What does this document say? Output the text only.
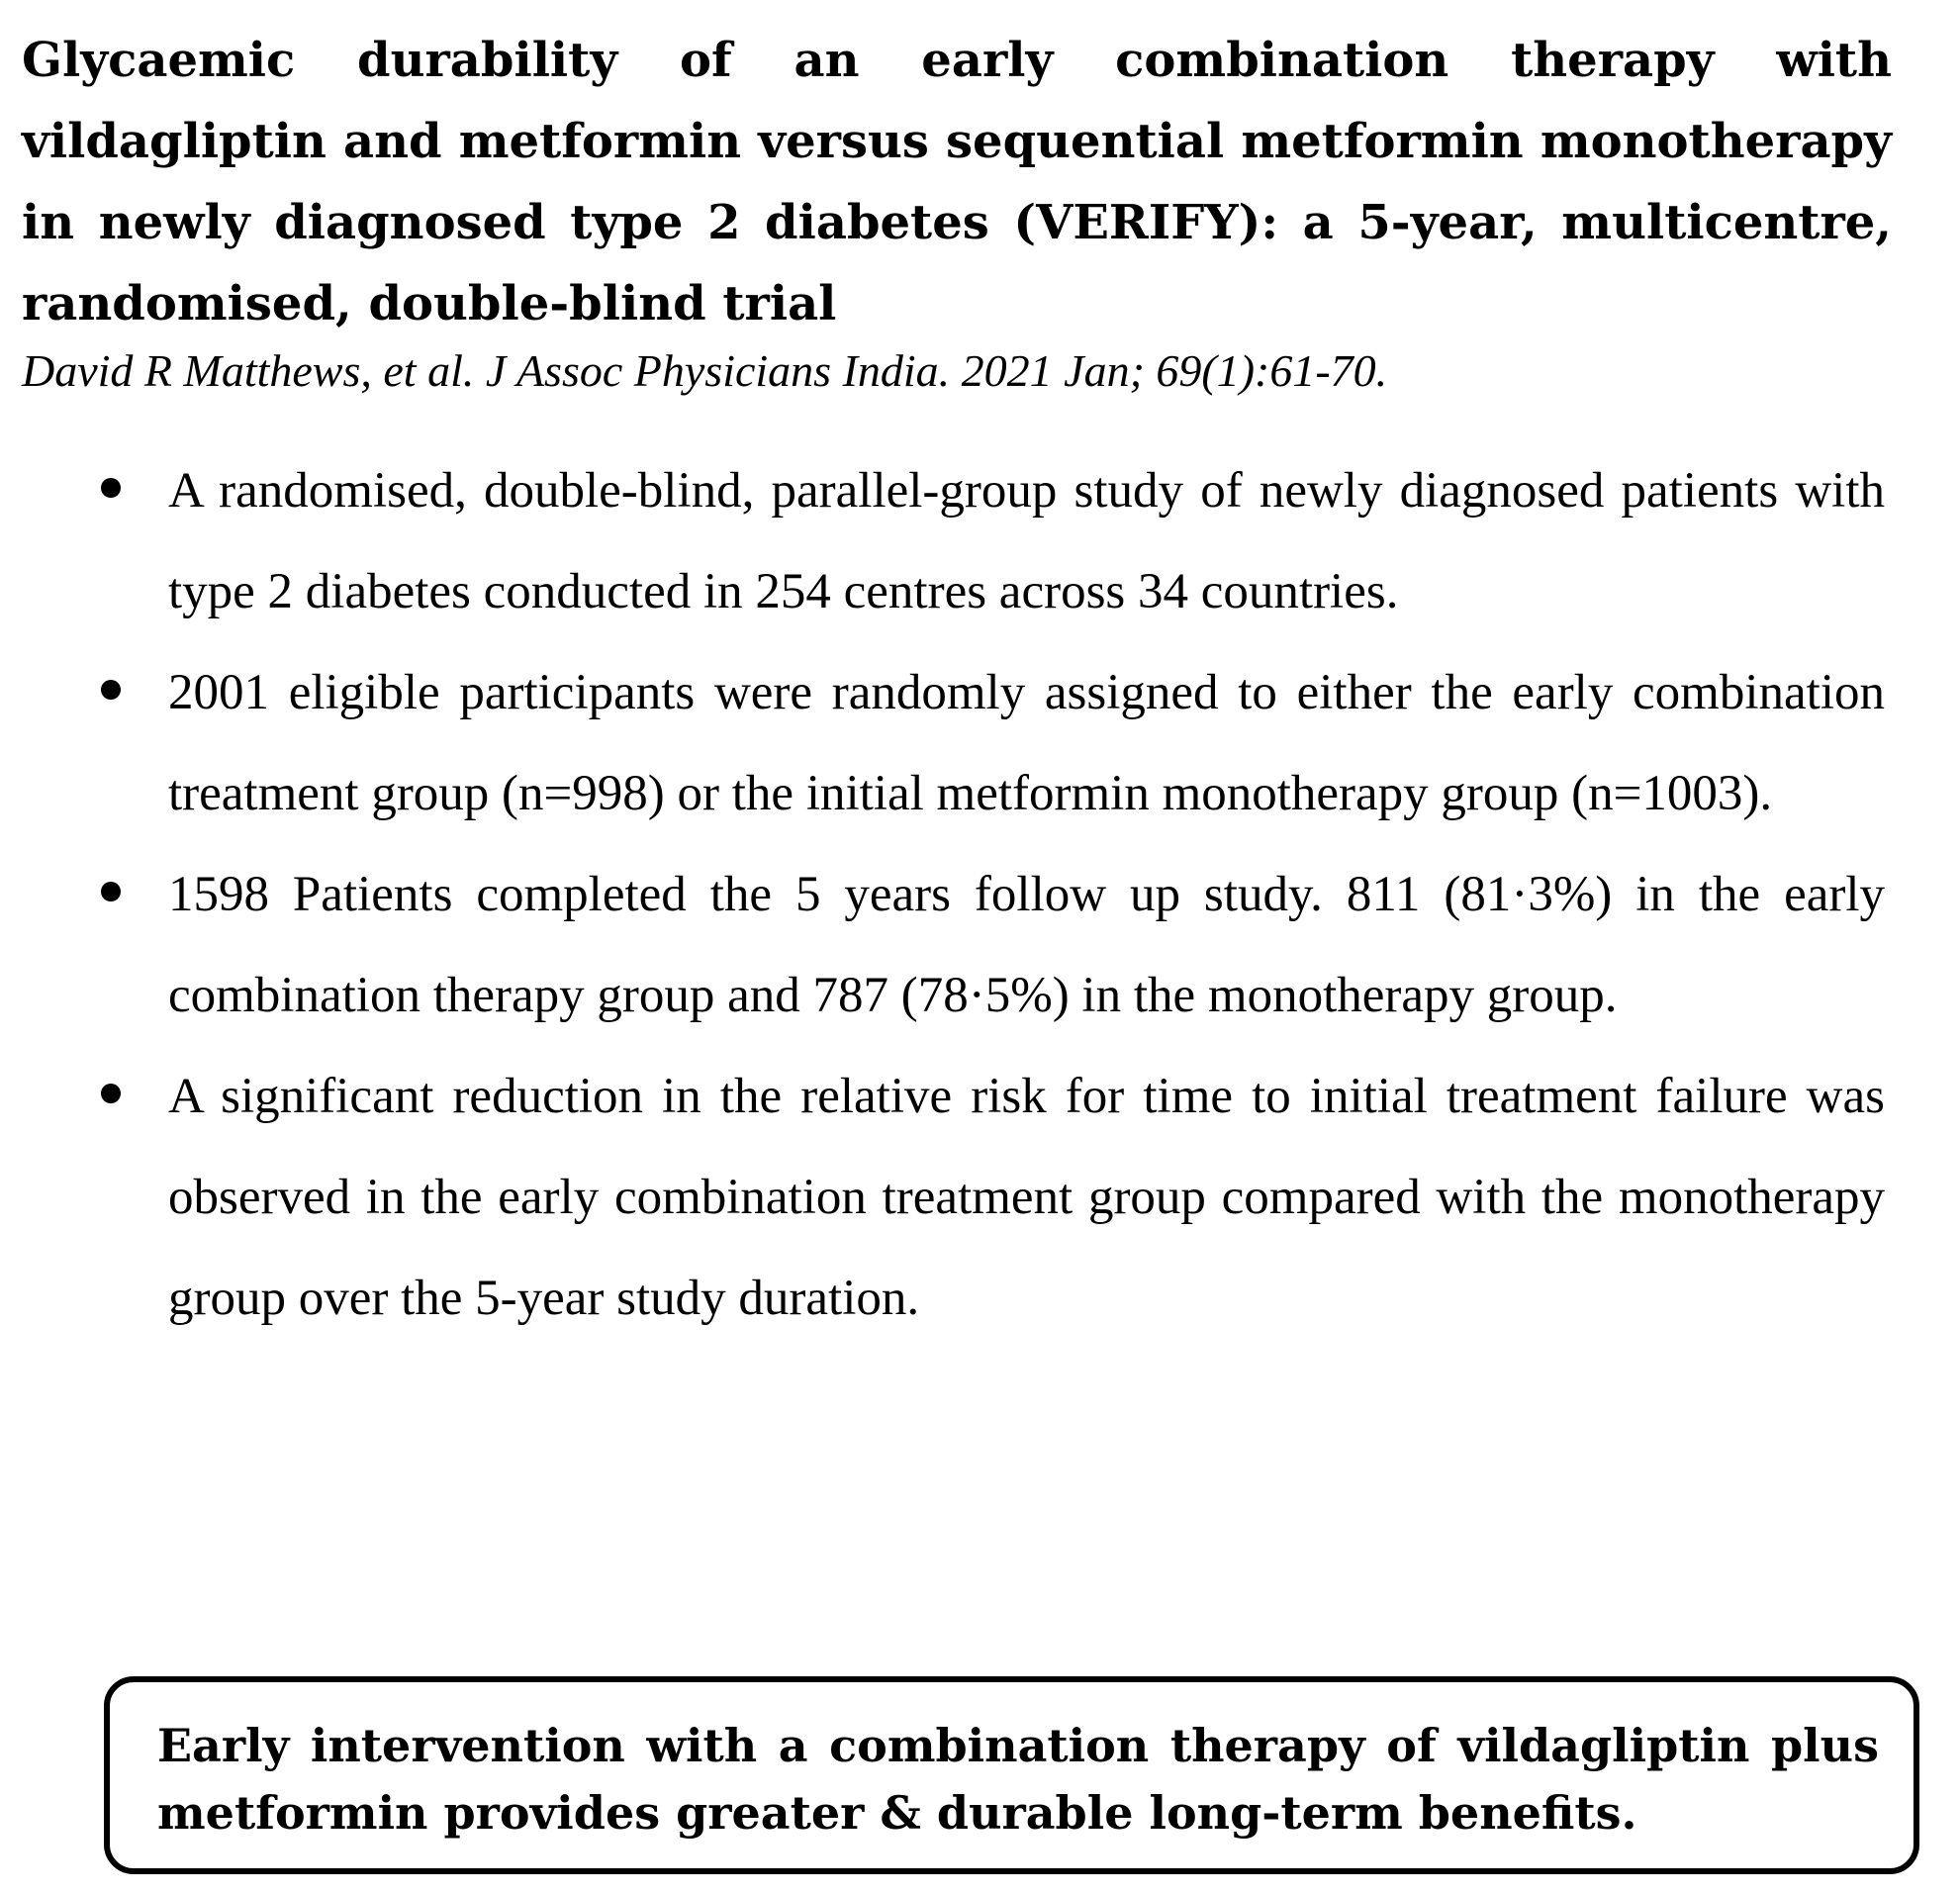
Glycaemic durability of an early combination therapy with vildagliptin and metformin versus sequential metformin monotherapy in newly diagnosed type 2 diabetes (VERIFY): a 5-year, multicentre, randomised, double-blind trial

David R Matthews, et al. J Assoc Physicians India. 2021 Jan; 69(1):61-70.

A randomised, double-blind, parallel-group study of newly diagnosed patients with type 2 diabetes conducted in 254 centres across 34 countries.
2001 eligible participants were randomly assigned to either the early combination treatment group (n=998) or the initial metformin monotherapy group (n=1003).
1598 Patients completed the 5 years follow up study. 811 (81·3%) in the early combination therapy group and 787 (78·5%) in the monotherapy group.
A significant reduction in the relative risk for time to initial treatment failure was observed in the early combination treatment group compared with the monotherapy group over the 5-year study duration.

Early intervention with a combination therapy of vildagliptin plus metformin provides greater & durable long-term benefits.
